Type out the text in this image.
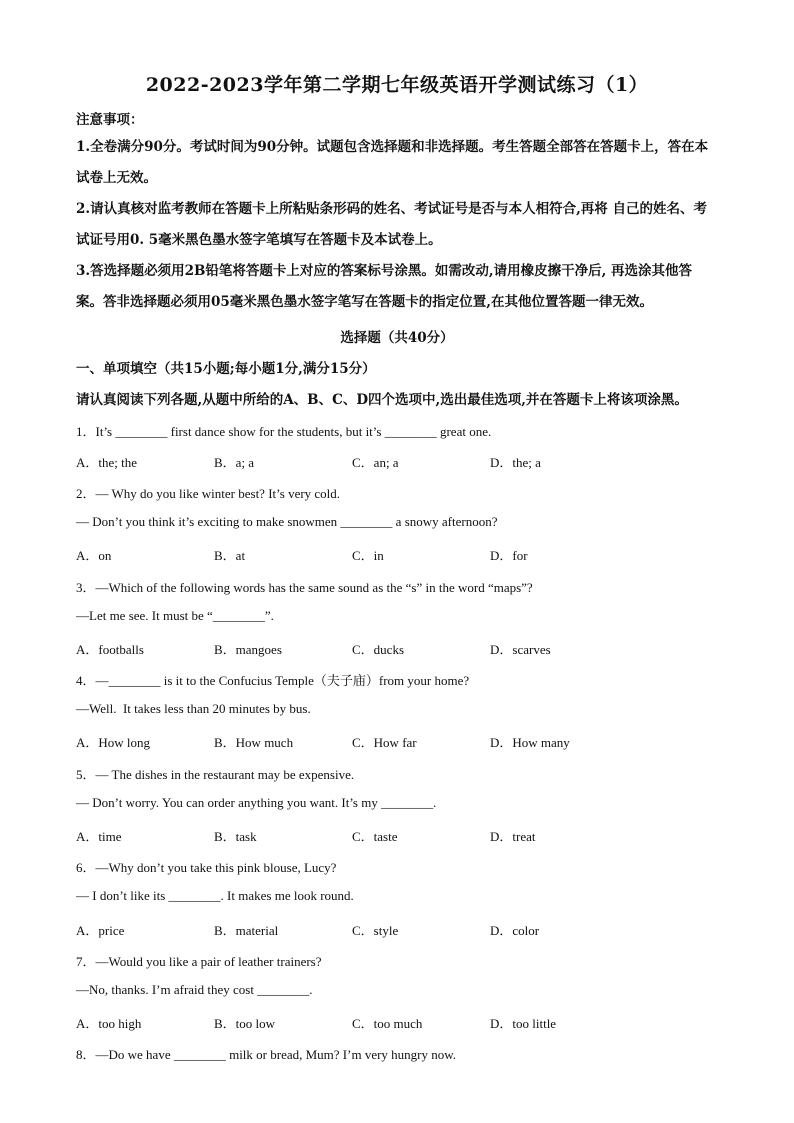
2022-2023学年第二学期七年级英语开学测试练习（1）
注意事项：
1.全卷满分90分。考试时间为90分钟。试题包含选择题和非选择题。考生答题全部答在答题卡上，答在本试卷上无效。
2.请认真核对监考教师在答题卡上所粘贴条形码的姓名、考试证号是否与本人相符合,再将 自己的姓名、考试证号用0. 5毫米黑色墨水签字笔填写在答题卡及本试卷上。
3.答选择题必须用2B铅笔将答题卡上对应的答案标号涂黑。如需改动,请用橡皮擦干净后, 再选涂其他答案。答非选择题必须用05毫米黑色墨水签字笔写在答题卡的指定位置,在其他位置答题一律无效。
选择题（共40分）
一、单项填空（共15小题;每小题1分,满分15分）
请认真阅读下列各题,从题中所给的A、B、C、D四个选项中,选出最佳选项,并在答题卡上将该项涂黑。
1．It’s ________ first dance show for the students, but it’s ________ great one.
A．the; the	B．a; a	C．an; a	D．the; a
2．— Why do you like winter best? It’s very cold.
— Don’t you think it’s exciting to make snowmen ________ a snowy afternoon?
A．on	B．at	C．in	D．for
3．—Which of the following words has the same sound as the “s” in the word “maps”?
—Let me see. It must be “________”.
A．footballs	B．mangoes	C．ducks	D．scarves
4．—________ is it to the Confucius Temple（夫子庙）from your home?
—Well.  It takes less than 20 minutes by bus.
A．How long	B．How much	C．How far	D．How many
5．— The dishes in the restaurant may be expensive.
— Don’t worry. You can order anything you want. It’s my ________.
A．time	B．task	C．taste	D．treat
6．—Why don’t you take this pink blouse, Lucy?
— I don’t like its ________. It makes me look round.
A．price	B．material	C．style	D．color
7．—Would you like a pair of leather trainers?
—No, thanks. I’m afraid they cost ________.
A．too high	B．too low	C．too much	D．too little
8．—Do we have ________ milk or bread, Mum? I’m very hungry now.
